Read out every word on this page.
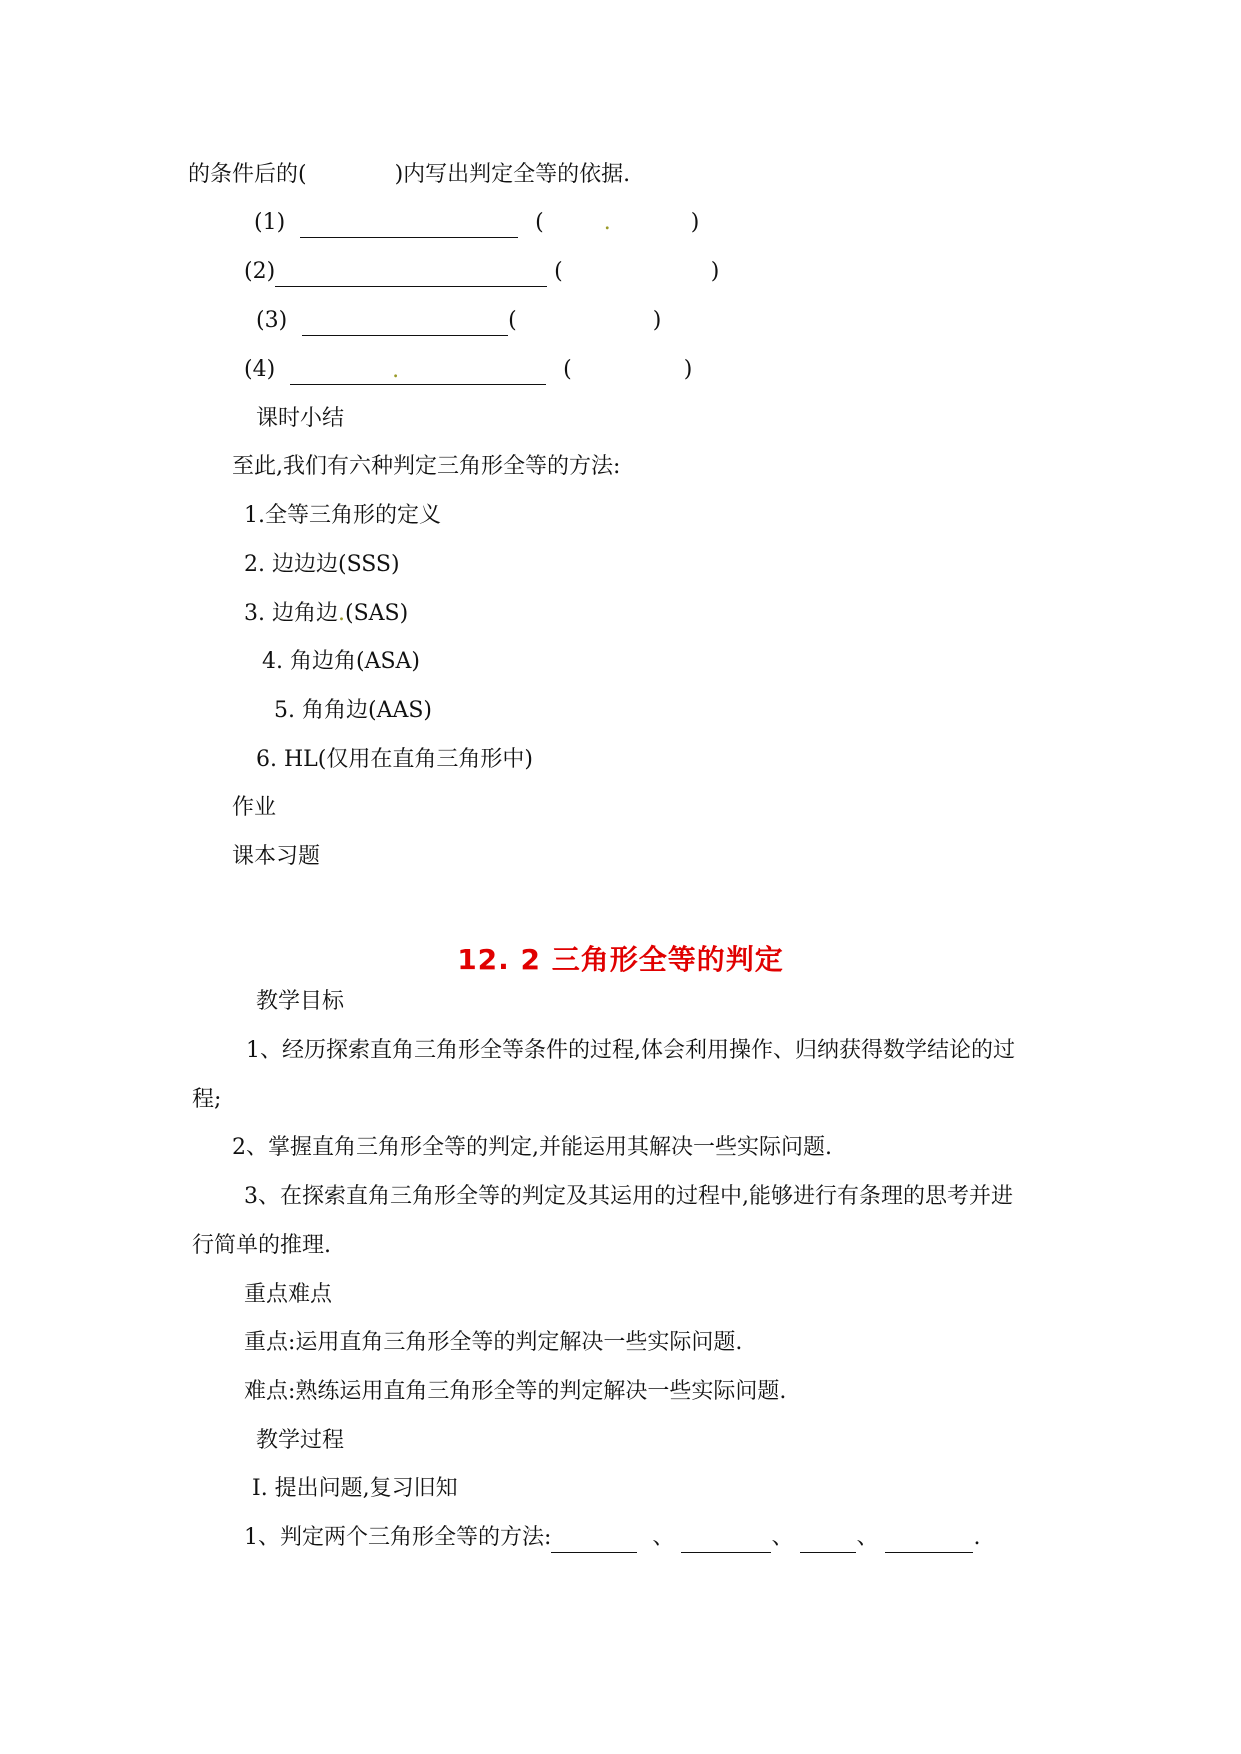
的条件后的(	)内写出判定全等的依据.
(1)	(	.	)
(2)	(	)
(3)	(	)
(4)	.	(	)
课时小结
至此,我们有六种判定三角形全等的方法:
1.全等三角形的定义
2. 边边边(SSS)
3. 边角边.(SAS)
4. 角边角(ASA)
5. 角角边(AAS)
6. HL(仅用在直角三角形中)
作业
课本习题
12. 2 三角形全等的判定
教学目标
1、经历探索直角三角形全等条件的过程,体会利用操作、归纳获得数学结论的过
程;
2、掌握直角三角形全等的判定,并能运用其解决一些实际问题.
3、在探索直角三角形全等的判定及其运用的过程中,能够进行有条理的思考并进
行简单的推理.
重点难点
重点:运用直角三角形全等的判定解决一些实际问题.
难点:熟练运用直角三角形全等的判定解决一些实际问题.
教学过程
Ⅰ. 提出问题,复习旧知
1、判定两个三角形全等的方法:	、	、	、	.
